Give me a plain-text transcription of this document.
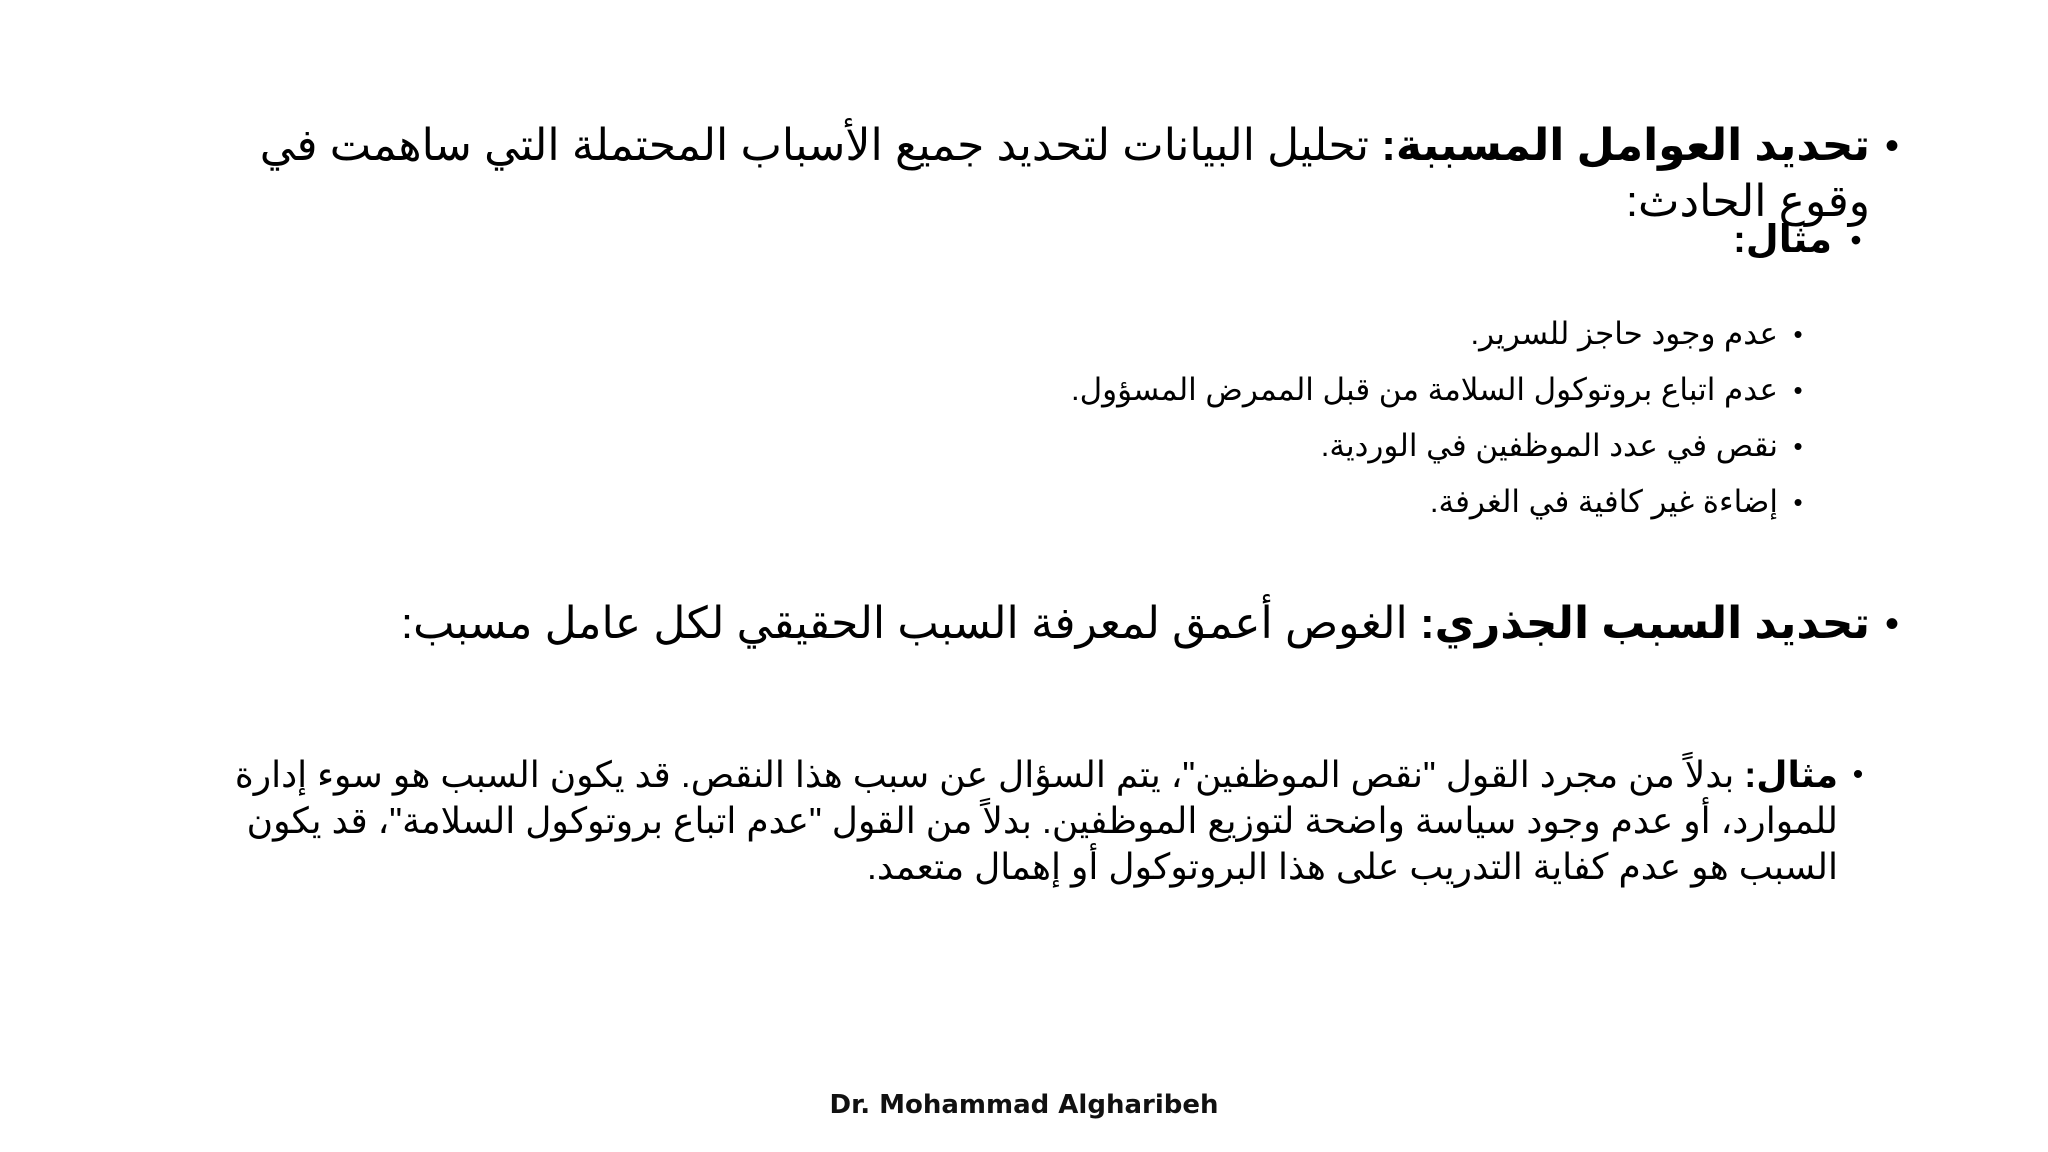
•
تحديد العوامل المسببة: تحليل البيانات لتحديد جميع الأسباب المحتملة التي ساهمت في وقوع الحادث:
•
مثال:
•
عدم وجود حاجز للسرير.
•
عدم اتباع بروتوكول السلامة من قبل الممرض المسؤول.
•
نقص في عدد الموظفين في الوردية.
•
إضاءة غير كافية في الغرفة.
•
تحديد السبب الجذري: الغوص أعمق لمعرفة السبب الحقيقي لكل عامل مسبب:
•
مثال: بدلاً من مجرد القول "نقص الموظفين"، يتم السؤال عن سبب هذا النقص. قد يكون السبب هو سوء إدارة للموارد، أو عدم وجود سياسة واضحة لتوزيع الموظفين. بدلاً من القول "عدم اتباع بروتوكول السلامة"، قد يكون السبب هو عدم كفاية التدريب على هذا البروتوكول أو إهمال متعمد.
Dr. Mohammad Algharibeh
